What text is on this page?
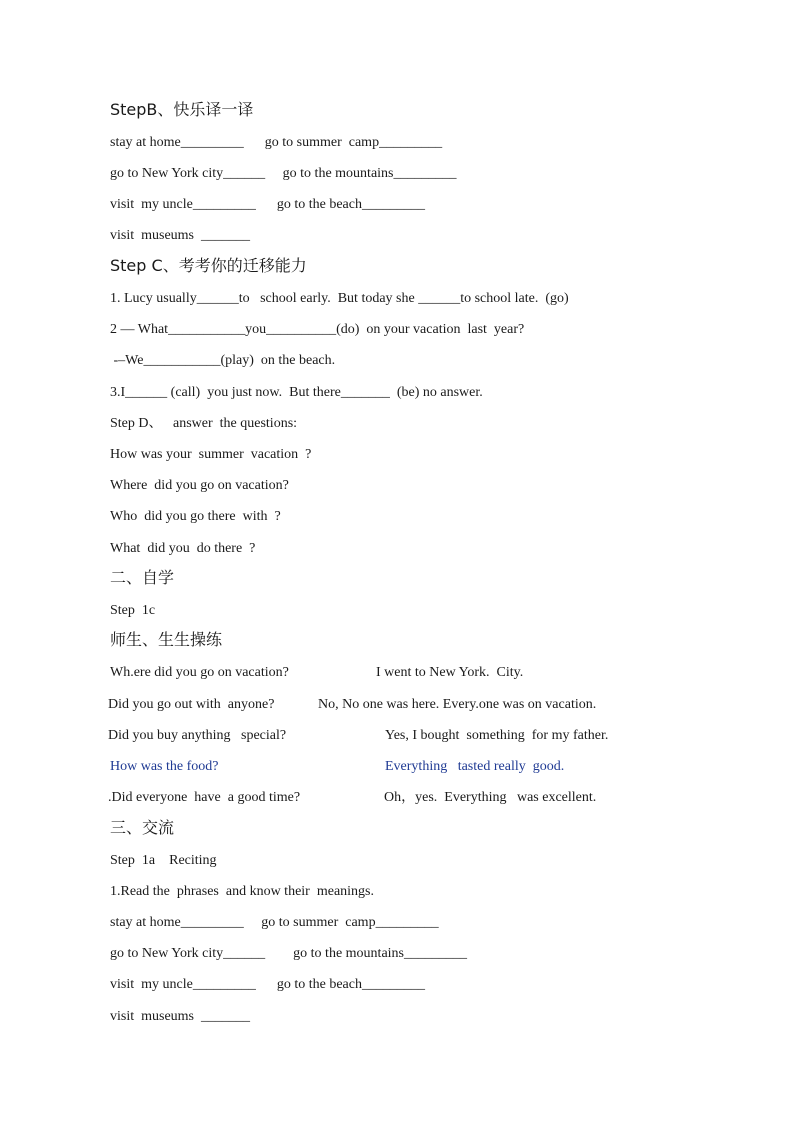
StepB、快乐译一译
stay at home_________      go to summer  camp_________
go to New York city______     go to the mountains_________
visit  my uncle_________      go to the beach_________
visit  museums  _______
Step C、考考你的迁移能力
1. Lucy usually______to   school early.  But today she ______to school late.  (go)
2 — What___________you__________(do)  on your vacation  last  year?
-–We___________(play)  on the beach.
3.I______ (call)  you just now.  But there_______  (be) no answer.
Step D、   answer  the questions:
How was your  summer  vacation  ?
Where  did you go on vacation?
Who  did you go there  with  ?
What  did you  do there  ?
二、自学
Step  1c
师生、生生操练
Wh.ere did you go on vacation?	I went to New York.  City.
Did you go out with  anyone?	No, No one was here. Every.one was on vacation.
Did you buy anything   special?	Yes, I bought  something  for my father.
How was the food?	Everything   tasted really  good.
.Did everyone  have  a good time?	Oh，yes.  Everything   was excellent.
三、交流
Step  1a    Reciting
1.Read the  phrases  and know their  meanings.
stay at home_________     go to summer  camp_________
go to New York city______        go to the mountains_________
visit  my uncle_________      go to the beach_________
visit  museums  _______
